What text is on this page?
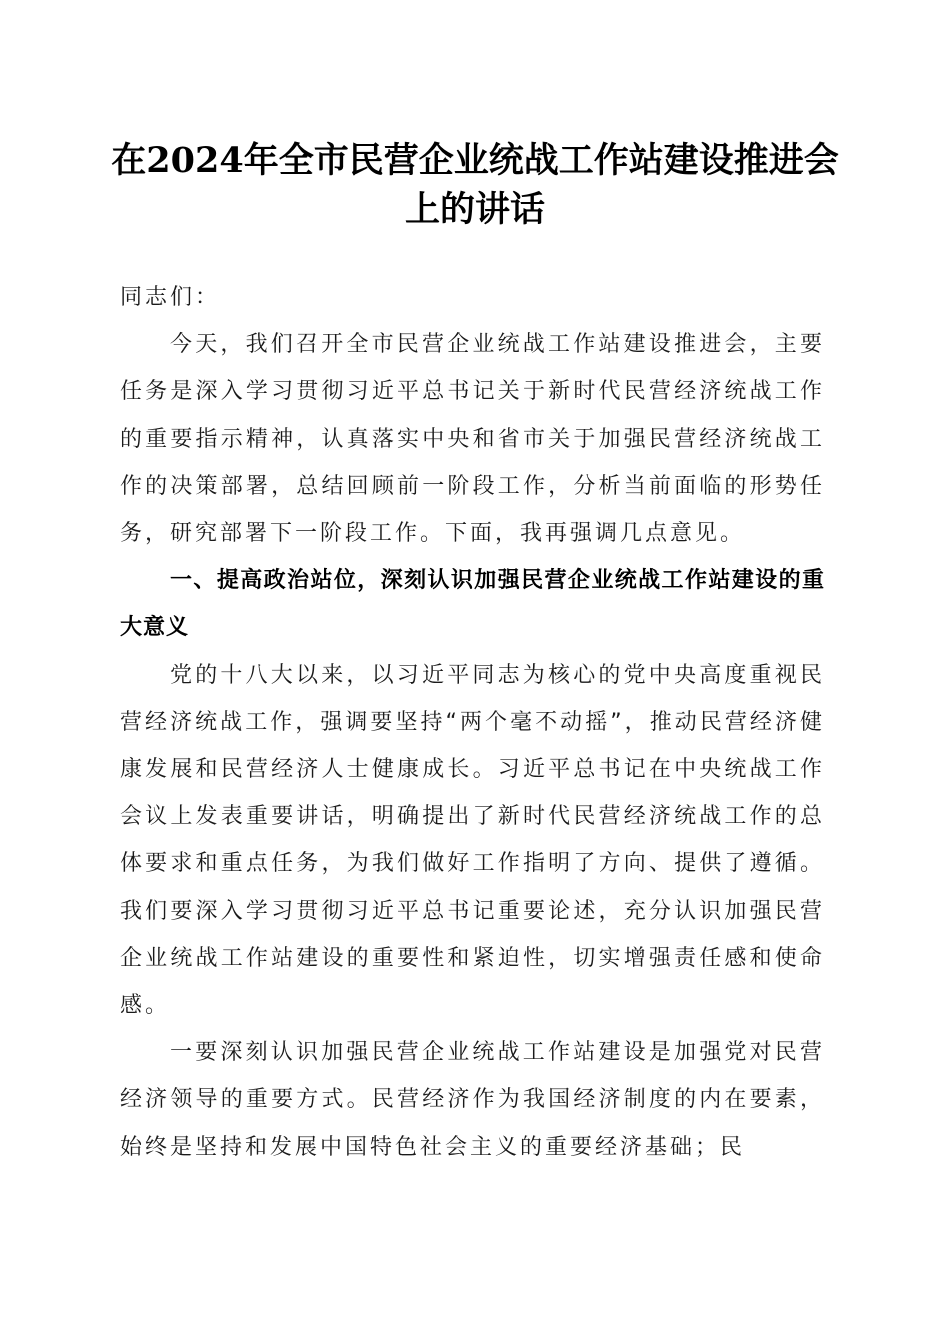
在2024年全市民营企业统战工作站建设推进会上的讲话

同志们：

今天，我们召开全市民营企业统战工作站建设推进会，主要任务是深入学习贯彻习近平总书记关于新时代民营经济统战工作的重要指示精神，认真落实中央和省市关于加强民营经济统战工作的决策部署，总结回顾前一阶段工作，分析当前面临的形势任务，研究部署下一阶段工作。下面，我再强调几点意见。

一、提高政治站位，深刻认识加强民营企业统战工作站建设的重大意义

党的十八大以来，以习近平同志为核心的党中央高度重视民营经济统战工作，强调要坚持“两个毫不动摇”，推动民营经济健康发展和民营经济人士健康成长。习近平总书记在中央统战工作会议上发表重要讲话，明确提出了新时代民营经济统战工作的总体要求和重点任务，为我们做好工作指明了方向、提供了遵循。我们要深入学习贯彻习近平总书记重要论述，充分认识加强民营企业统战工作站建设的重要性和紧迫性，切实增强责任感和使命感。

一要深刻认识加强民营企业统战工作站建设是加强党对民营经济领导的重要方式。民营经济作为我国经济制度的内在要素，始终是坚持和发展中国特色社会主义的重要经济基础；民
